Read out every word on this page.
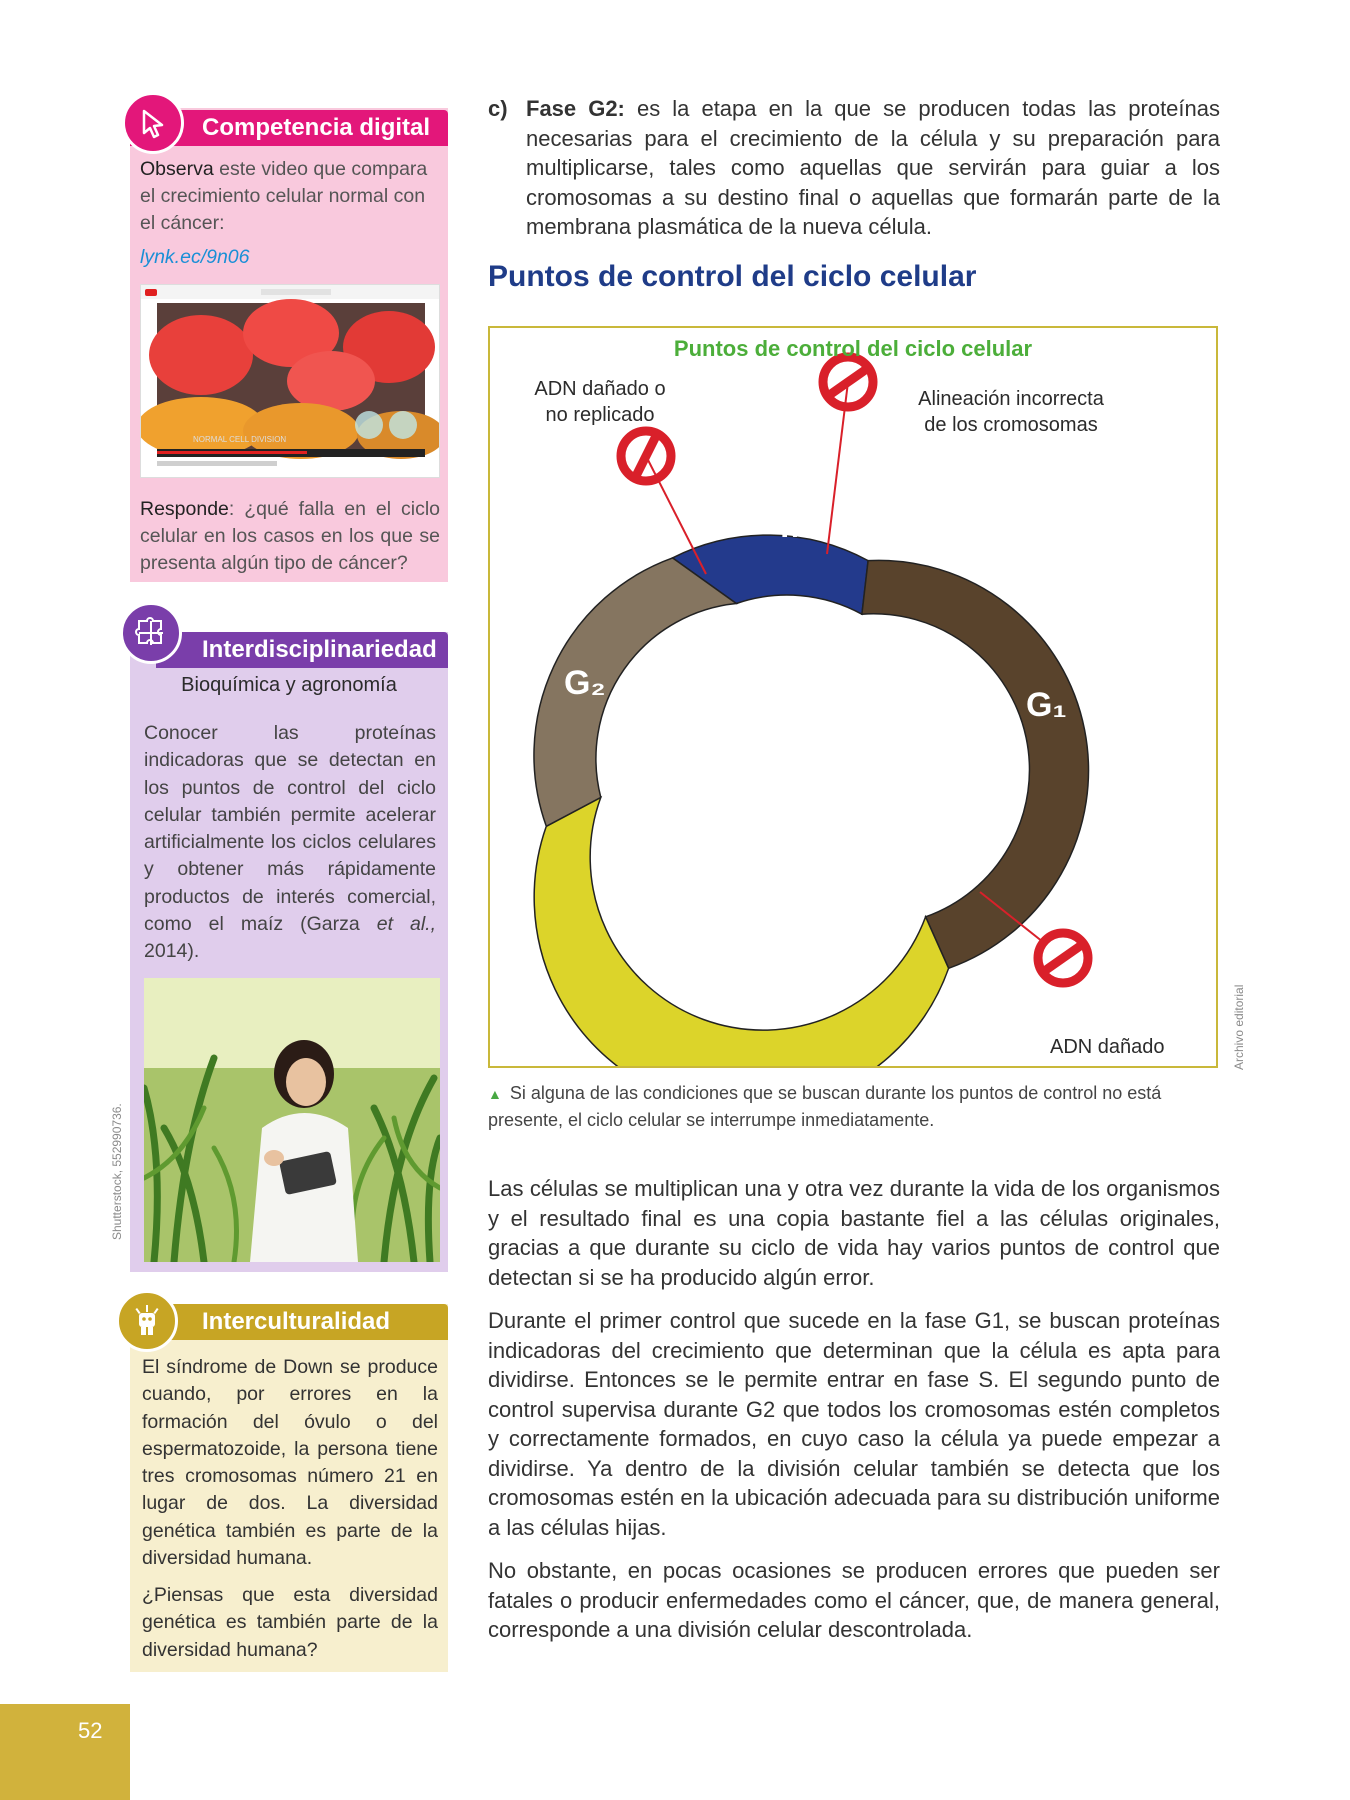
Competencia digital
Observa este video que compara el crecimiento celular normal con el cáncer:
lynk.ec/9n06
NORMAL CELL DIVISION
Responde: ¿qué falla en el ciclo celular en los casos en los que se presenta algún tipo de cáncer?
Interdisciplinariedad
Bioquímica y agronomía
Conocer las proteínas indicadoras que se detectan en los puntos de control del ciclo celular también permite acelerar artificialmente los ciclos celulares y obtener más rápidamente productos de interés comercial, como el maíz (Garza et al., 2014).
Shutterstock, 552990736.
Interculturalidad
El síndrome de Down se produce cuando, por errores en la formación del óvulo o del espermatozoide, la persona tiene tres cromosomas número 21 en lugar de dos. La diversidad genética también es parte de la diversidad humana.
¿Piensas que esta diversidad genética es también parte de la diversidad humana?
52
c) Fase G2: es la etapa en la que se producen todas las proteínas necesarias para el crecimiento de la célula y su preparación para multiplicarse, tales como aquellas que servirán para guiar a los cromosomas a su destino final o aquellas que formarán parte de la membrana plasmática de la nueva célula.
Puntos de control del ciclo celular
Puntos de control del ciclo celular
ADN dañado o
no replicado
Alineación incorrecta
de los cromosomas
ADN dañado
M
G₁
S
G₂
Archivo editorial
▲ Si alguna de las condiciones que se buscan durante los puntos de control no está presente, el ciclo celular se interrumpe inmediatamente.
Las células se multiplican una y otra vez durante la vida de los organismos y el resultado final es una copia bastante fiel a las células originales, gracias a que durante su ciclo de vida hay varios puntos de control que detectan si se ha producido algún error.
Durante el primer control que sucede en la fase G1, se buscan proteínas indicadoras del crecimiento que determinan que la célula es apta para dividirse. Entonces se le permite entrar en fase S. El segundo punto de control supervisa durante G2 que todos los cromosomas estén completos y correctamente formados, en cuyo caso la célula ya puede empezar a dividirse. Ya dentro de la división celular también se detecta que los cromosomas estén en la ubicación adecuada para su distribución uniforme a las células hijas.
No obstante, en pocas ocasiones se producen errores que pueden ser fatales o producir enfermedades como el cáncer, que, de manera general, corresponde a una división celular descontrolada.
